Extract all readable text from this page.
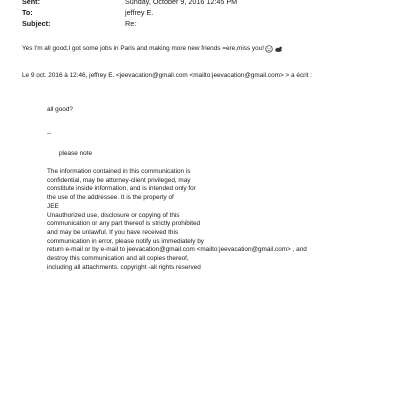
Sent:	Sunday, October 9, 2016 12:45 PM
To:	jeffrey E.
Subject:	Re:
Yes I'm all good,I got some jobs in Paris and making more new friends =ere,miss you!
Le 9 oct. 2016 à 12:46, jeffrey E. <jeevacation@gmail.com <mailto:jeevacation@gmail.com> > a écrit :
all good?
--
please note
The information contained in this communication is
confidential, may be attorney-client privileged, may
constitute inside information, and is intended only for
the use of the addressee. It is the property of
JEE
Unauthorized use, disclosure or copying of this
communication or any part thereof is strictly prohibited
and may be unlawful. If you have received this
communication in error, please notify us immediately by
return e-mail or by e-mail to jeevacation@gmail.com <mailto:jeevacation@gmail.com> , and
destroy this communication and all copies thereof,
including all attachments. copyright -all rights reserved
